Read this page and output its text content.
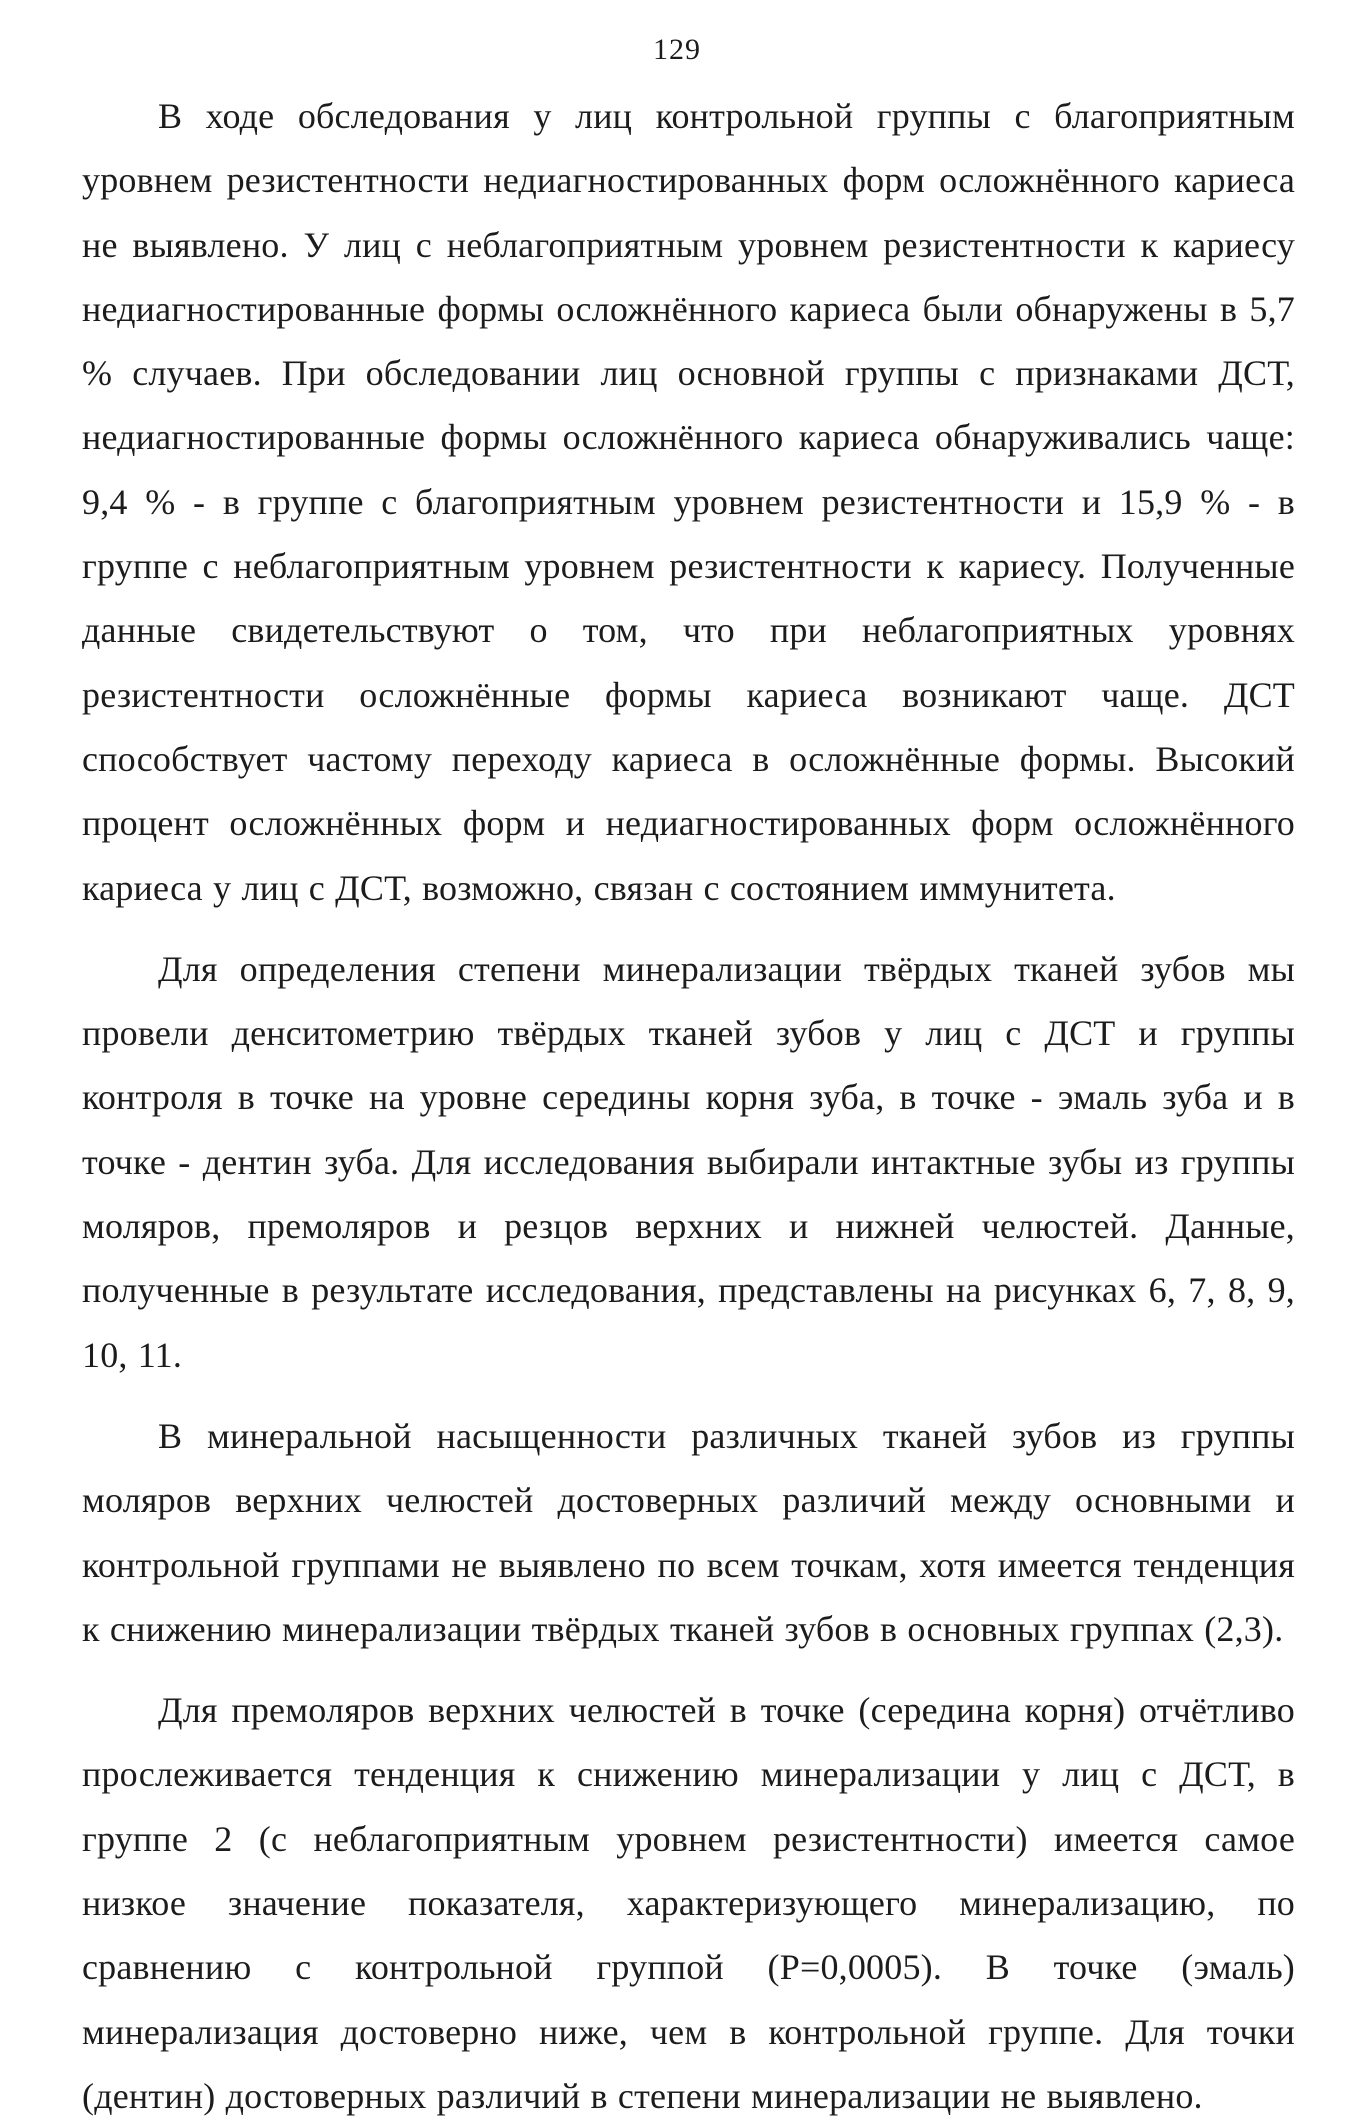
129

В ходе обследования у лиц контрольной группы с благоприятным уровнем резистентности недиагностированных форм осложнённого кариеса не выявлено. У лиц с неблагоприятным уровнем резистентности к кариесу недиагностированные формы осложнённого кариеса были обнаружены в 5,7 % случаев. При обследовании лиц основной группы с признаками ДСТ, недиагностированные формы осложнённого кариеса обнаруживались чаще: 9,4 % - в группе с благоприятным уровнем резистентности и 15,9 % - в группе с неблагоприятным уровнем резистентности к кариесу. Полученные данные свидетельствуют о том, что при неблагоприятных уровнях резистентности осложнённые формы кариеса возникают чаще. ДСТ способствует частому переходу кариеса в осложнённые формы. Высокий процент осложнённых форм и недиагностированных форм осложнённого кариеса у лиц с ДСТ, возможно, связан с состоянием иммунитета.

Для определения степени минерализации твёрдых тканей зубов мы провели денситометрию твёрдых тканей зубов у лиц с ДСТ и группы контроля в точке на уровне середины корня зуба, в точке - эмаль зуба и в точке - дентин зуба. Для исследования выбирали интактные зубы из группы моляров, премоляров и резцов верхних и нижней челюстей. Данные, полученные в результате исследования, представлены на рисунках 6, 7, 8, 9, 10, 11.

В минеральной насыщенности различных тканей зубов из группы моляров верхних челюстей достоверных различий между основными и контрольной группами не выявлено по всем точкам, хотя имеется тенденция к снижению минерализации твёрдых тканей зубов в основных группах (2,3).

Для премоляров верхних челюстей в точке (середина корня) отчётливо прослеживается тенденция к снижению минерализации у лиц с ДСТ, в группе 2 (с неблагоприятным уровнем резистентности) имеется самое низкое значение показателя, характеризующего минерализацию, по сравнению с контрольной группой (Р=0,0005). В точке (эмаль) минерализация достоверно ниже, чем в контрольной группе. Для точки (дентин) достоверных различий в степени минерализации не выявлено.
